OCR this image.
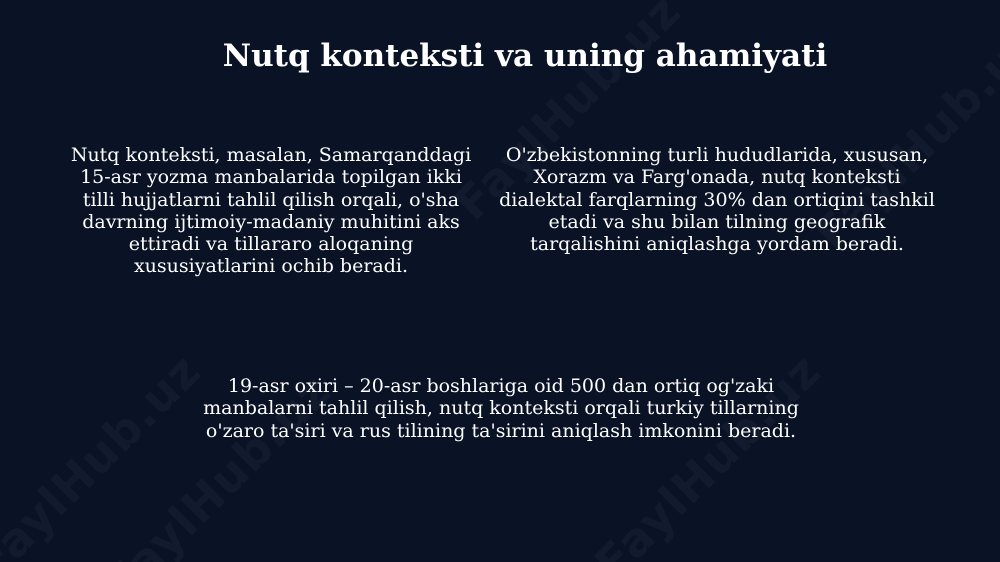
Nutq konteksti va uning ahamiyati

Nutq konteksti, masalan, Samarqanddagi 15-asr yozma manbalarida topilgan ikki tilli hujjatlarni tahlil qilish orqali, o'sha davrning ijtimoiy-madaniy muhitini aks ettiradi va tillararo aloqaning xususiyatlarini ochib beradi.

O'zbekistonning turli hududlarida, xususan, Xorazm va Farg'onada, nutq konteksti dialektal farqlarning 30% dan ortiqini tashkil etadi va shu bilan tilning geografik tarqalishini aniqlashga yordam beradi.

19-asr oxiri – 20-asr boshlariga oid 500 dan ortiq og'zaki manbalarni tahlil qilish, nutq konteksti orqali turkiy tillarning o'zaro ta'siri va rus tilining ta'sirini aniqlash imkonini beradi.
